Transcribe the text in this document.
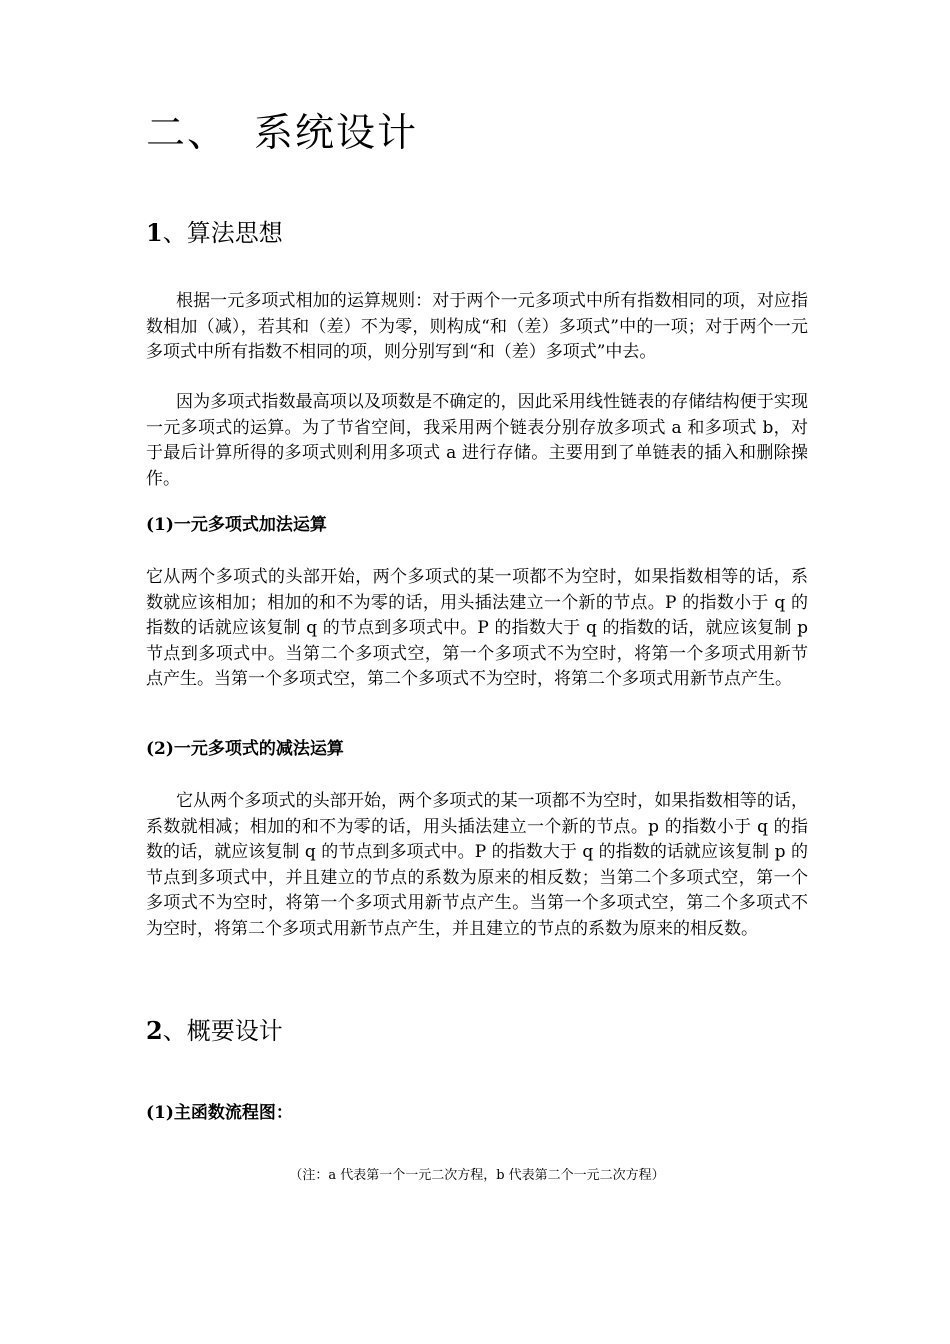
二、 系统设计
1、算法思想

根据一元多项式相加的运算规则：对于两个一元多项式中所有指数相同的项，对应指数相加（减），若其和（差）不为零，则构成“和（差）多项式”中的一项；对于两个一元多项式中所有指数不相同的项，则分别写到“和（差）多项式”中去。

因为多项式指数最高项以及项数是不确定的，因此采用线性链表的存储结构便于实现一元多项式的运算。为了节省空间，我采用两个链表分别存放多项式 a 和多项式 b，对于最后计算所得的多项式则利用多项式 a 进行存储。主要用到了单链表的插入和删除操作。

(1)一元多项式加法运算

它从两个多项式的头部开始，两个多项式的某一项都不为空时，如果指数相等的话，系数就应该相加；相加的和不为零的话，用头插法建立一个新的节点。P 的指数小于 q 的指数的话就应该复制 q 的节点到多项式中。P 的指数大于 q 的指数的话，就应该复制 p 节点到多项式中。当第二个多项式空，第一个多项式不为空时，将第一个多项式用新节点产生。当第一个多项式空，第二个多项式不为空时，将第二个多项式用新节点产生。

(2)一元多项式的减法运算

它从两个多项式的头部开始，两个多项式的某一项都不为空时，如果指数相等的话，系数就相减；相加的和不为零的话，用头插法建立一个新的节点。p 的指数小于 q 的指数的话，就应该复制 q 的节点到多项式中。P 的指数大于 q 的指数的话就应该复制 p 的节点到多项式中，并且建立的节点的系数为原来的相反数；当第二个多项式空，第一个多项式不为空时，将第一个多项式用新节点产生。当第一个多项式空，第二个多项式不为空时，将第二个多项式用新节点产生，并且建立的节点的系数为原来的相反数。

2、概要设计
(1)主函数流程图：

（注：a 代表第一个一元二次方程，b 代表第二个一元二次方程）
